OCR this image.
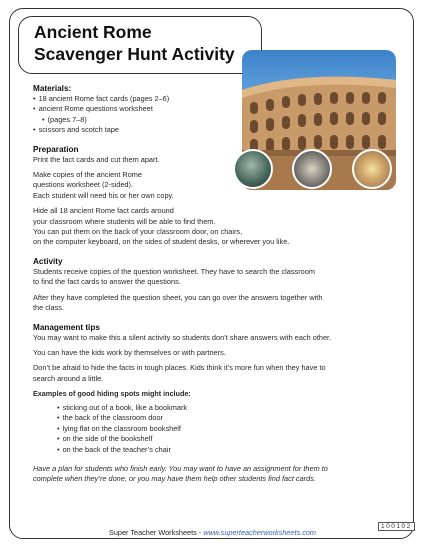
Ancient Rome
Scavenger Hunt Activity

Materials:

• 18 ancient Rome fact cards (pages 2–6)
• ancient Rome questions worksheet
• (pages 7–8)
• scissors and scotch tape

Preparation

Print the fact cards and cut them apart.

Make copies of the ancient Rome

questions worksheet (2-sided).

Each student will need his or her own copy.

Hide all 18 ancient Rome fact cards around

your classroom where students will be able to find them.

You can put them on the back of your classroom door, on chairs,

on the computer keyboard, on the sides of student desks, or wherever you like.

Activity

Students receive copies of the question worksheet. They have to search the classroom

to find the fact cards to answer the questions.

After they have completed the question sheet, you can go over the answers together with

the class.

Management tips

You may want to make this a silent activity so students don’t share answers with each other.

You can have the kids work by themselves or with partners.

Don’t be afraid to hide the facts in tough places. Kids think it’s more fun when they have to

search around a little.

Examples of good hiding spots might include:

• sticking out of a book, like a bookmark
• the back of the classroom door
• lying flat on the classroom bookshelf
• on the side of the bookshelf
• on the back of the teacher’s chair

Have a plan for students who finish early. You may want to have an assignment for them to

complete when they’re done, or you may have them help other students find fact cards.

Super Teacher Worksheets - www.superteacherworksheets.com
100102
